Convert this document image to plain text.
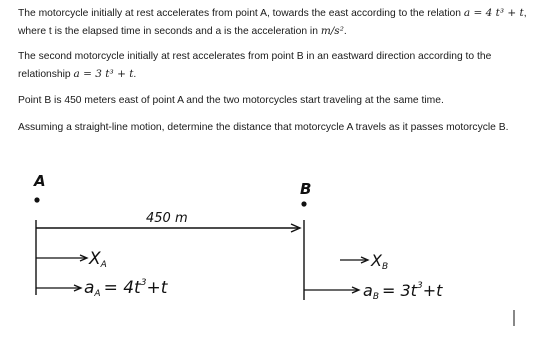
The motorcycle initially at rest accelerates from point A, towards the east according to the relation a = 4 t³ + t, where t is the elapsed time in seconds and a is the acceleration in m/s².

The second motorcycle initially at rest accelerates from point B in an eastward direction according to the relationship a = 3 t³ + t.

Point B is 450 meters east of point A and the two motorcycles start traveling at the same time.

Assuming a straight-line motion, determine the distance that motorcycle A travels as it passes motorcycle B.

A	B
450 m
XA
aA = $4t^3+t$
XB
aB = $3t^3+t$
